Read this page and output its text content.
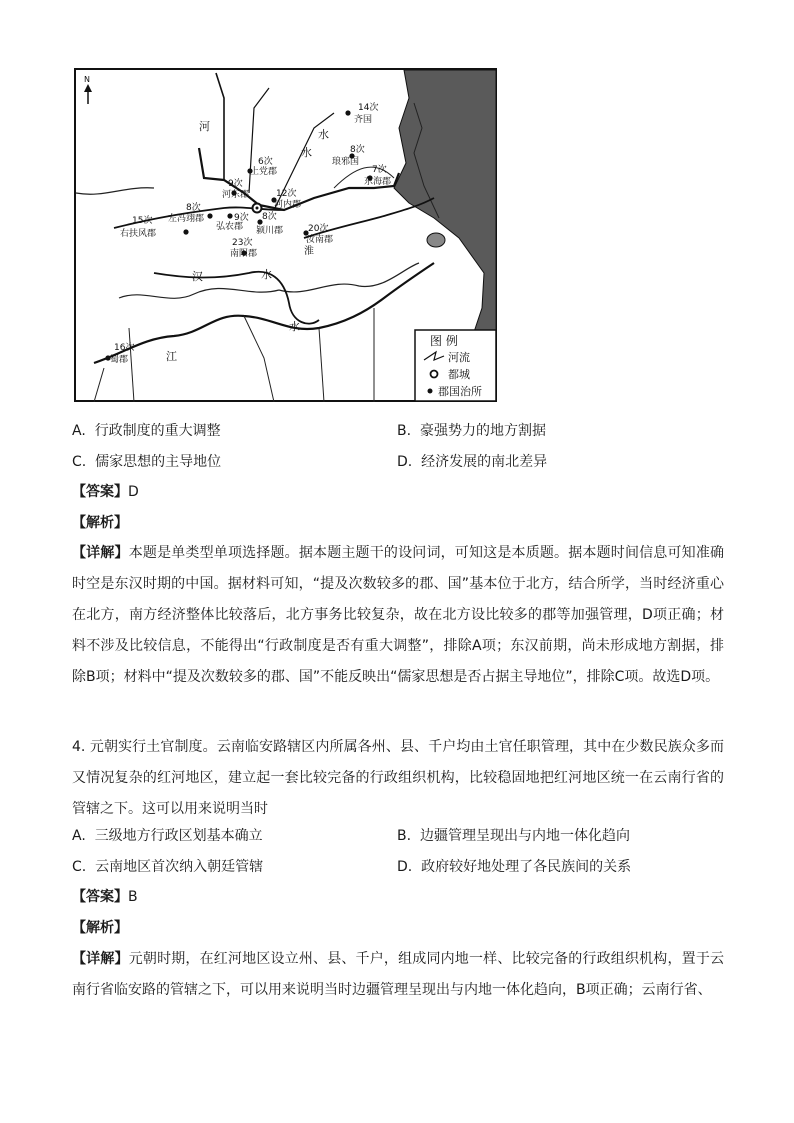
N
河
水
水
汉	水
水
江
淮
14次
齐国
8次
琅邪国
7次
东海郡
6次
上党郡
9次
河东郡	12次
河内郡
8次
左冯翊郡
15次
右扶风郡
9次
弘农郡
8次
颍川郡	20次
汝南郡
23次
南阳郡
16次
蜀郡
图 例
河流
都城
郡国治所
A. 行政制度的重大调整	B. 豪强势力的地方割据
C. 儒家思想的主导地位	D. 经济发展的南北差异
【答案】D
【解析】
【详解】本题是单类型单项选择题。据本题主题干的设问词，可知这是本质题。据本题时间信息可知准确时空是东汉时期的中国。据材料可知，“提及次数较多的郡、国”基本位于北方，结合所学，当时经济重心在北方，南方经济整体比较落后，北方事务比较复杂，故在北方设比较多的郡等加强管理，D项正确；材料不涉及比较信息，不能得出“行政制度是否有重大调整”，排除A项；东汉前期，尚未形成地方割据，排除B项；材料中“提及次数较多的郡、国”不能反映出“儒家思想是否占据主导地位”，排除C项。故选D项。
4. 元朝实行土官制度。云南临安路辖区内所属各州、县、千户均由土官任职管理，其中在少数民族众多而又情况复杂的红河地区，建立起一套比较完备的行政组织机构，比较稳固地把红河地区统一在云南行省的管辖之下。这可以用来说明当时
A. 三级地方行政区划基本确立	B. 边疆管理呈现出与内地一体化趋向
C. 云南地区首次纳入朝廷管辖	D. 政府较好地处理了各民族间的关系
【答案】B
【解析】
【详解】元朝时期，在红河地区设立州、县、千户，组成同内地一样、比较完备的行政组织机构，置于云南行省临安路的管辖之下，可以用来说明当时边疆管理呈现出与内地一体化趋向，B项正确；云南行省、
